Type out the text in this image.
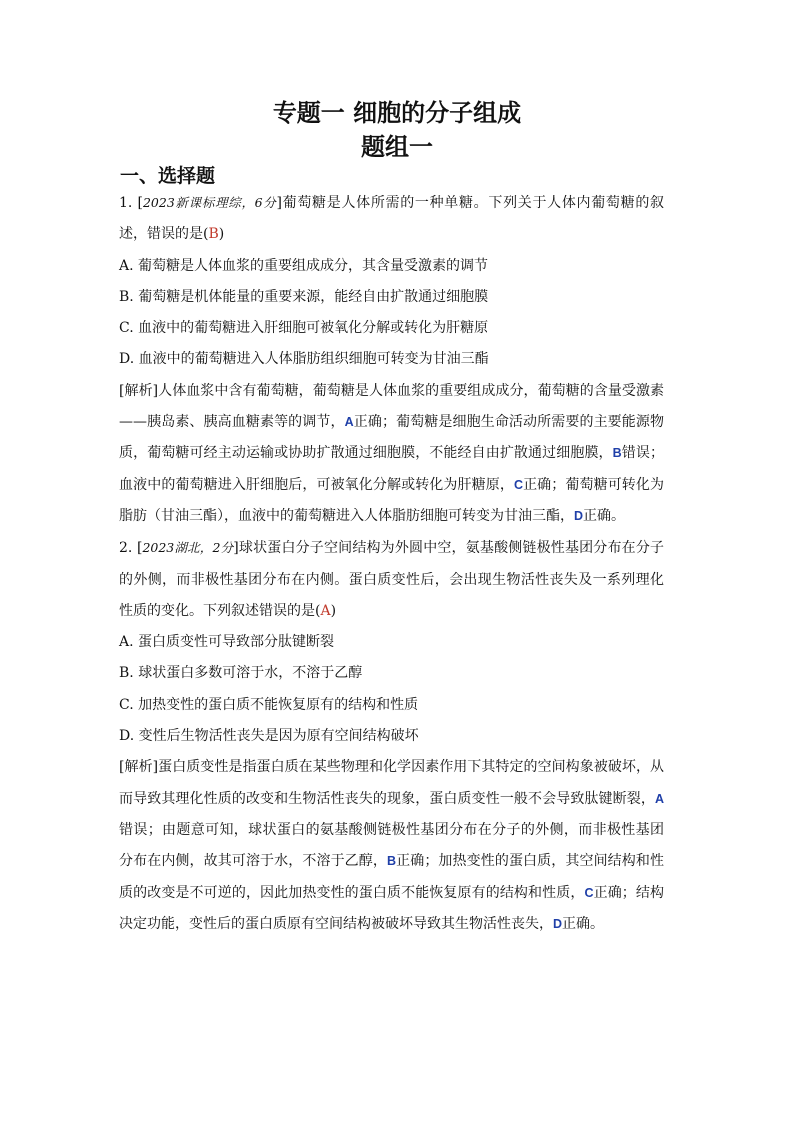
专题一 细胞的分子组成
题组一
一、选择题

1. [2023新课标理综，6分]葡萄糖是人体所需的一种单糖。下列关于人体内葡萄糖的叙述，错误的是(B)

A. 葡萄糖是人体血浆的重要组成成分，其含量受激素的调节

B. 葡萄糖是机体能量的重要来源，能经自由扩散通过细胞膜

C. 血液中的葡萄糖进入肝细胞可被氧化分解或转化为肝糖原

D. 血液中的葡萄糖进入人体脂肪组织细胞可转变为甘油三酯

[解析]人体血浆中含有葡萄糖，葡萄糖是人体血浆的重要组成成分，葡萄糖的含量受激素——胰岛素、胰高血糖素等的调节，A正确；葡萄糖是细胞生命活动所需要的主要能源物质，葡萄糖可经主动运输或协助扩散通过细胞膜，不能经自由扩散通过细胞膜，B错误；血液中的葡萄糖进入肝细胞后，可被氧化分解或转化为肝糖原，C正确；葡萄糖可转化为脂肪（甘油三酯），血液中的葡萄糖进入人体脂肪细胞可转变为甘油三酯，D正确。

2. [2023湖北，2分]球状蛋白分子空间结构为外圆中空，氨基酸侧链极性基团分布在分子的外侧，而非极性基团分布在内侧。蛋白质变性后，会出现生物活性丧失及一系列理化性质的变化。下列叙述错误的是(A)

A. 蛋白质变性可导致部分肽键断裂

B. 球状蛋白多数可溶于水，不溶于乙醇

C. 加热变性的蛋白质不能恢复原有的结构和性质

D. 变性后生物活性丧失是因为原有空间结构破坏

[解析]蛋白质变性是指蛋白质在某些物理和化学因素作用下其特定的空间构象被破坏，从而导致其理化性质的改变和生物活性丧失的现象，蛋白质变性一般不会导致肽键断裂，A错误；由题意可知，球状蛋白的氨基酸侧链极性基团分布在分子的外侧，而非极性基团分布在内侧，故其可溶于水，不溶于乙醇，B正确；加热变性的蛋白质，其空间结构和性质的改变是不可逆的，因此加热变性的蛋白质不能恢复原有的结构和性质，C正确；结构决定功能，变性后的蛋白质原有空间结构被破坏导致其生物活性丧失，D正确。
